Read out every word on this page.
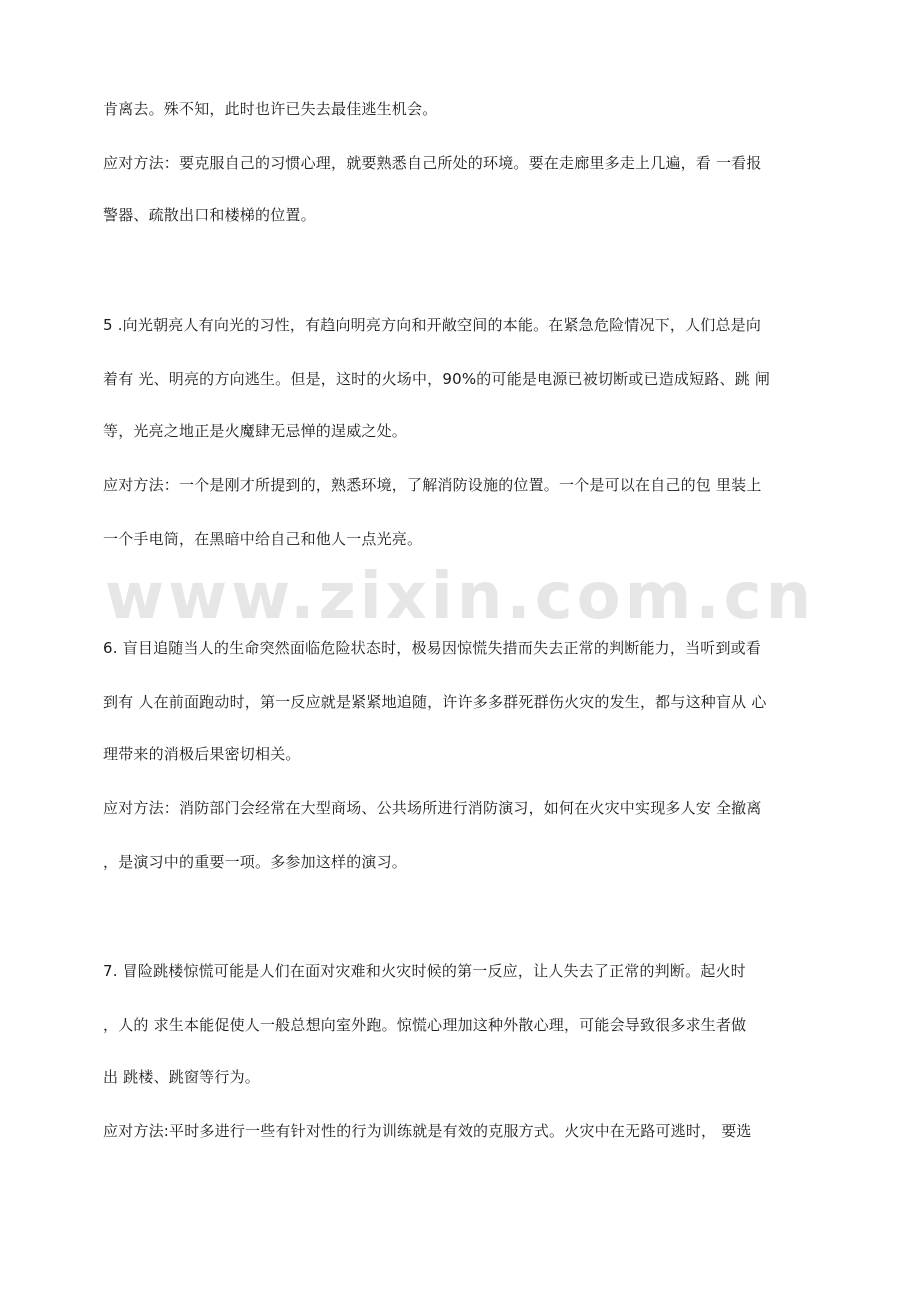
www.zixin.com.cn
肯离去。殊不知，此时也许已失去最佳逃生机会。
应对方法：要克服自己的习惯心理，就要熟悉自己所处的环境。要在走廊里多走上几遍，看 一看报
警器、疏散出口和楼梯的位置。
5 .向光朝亮人有向光的习性，有趋向明亮方向和开敞空间的本能。在紧急危险情况下，人们总是向
着有 光、明亮的方向逃生。但是，这时的火场中，90%的可能是电源已被切断或已造成短路、跳 闸
等，光亮之地正是火魔肆无忌惮的逞威之处。
应对方法：一个是刚才所提到的，熟悉环境，了解消防设施的位置。一个是可以在自己的包 里装上
一个手电筒，在黑暗中给自己和他人一点光亮。
6. 盲目追随当人的生命突然面临危险状态时，极易因惊慌失措而失去正常的判断能力，当听到或看
到有 人在前面跑动时，第一反应就是紧紧地追随，许许多多群死群伤火灾的发生，都与这种盲从 心
理带来的消极后果密切相关。
应对方法：消防部门会经常在大型商场、公共场所进行消防演习，如何在火灾中实现多人安 全撤离
，是演习中的重要一项。多参加这样的演习。
7. 冒险跳楼惊慌可能是人们在面对灾难和火灾时候的第一反应，让人失去了正常的判断。起火时
，人的 求生本能促使人一般总想向室外跑。惊慌心理加这种外散心理，可能会导致很多求生者做
出 跳楼、跳窗等行为。
应对方法:平时多进行一些有针对性的行为训练就是有效的克服方式。火灾中在无路可逃时， 要选
